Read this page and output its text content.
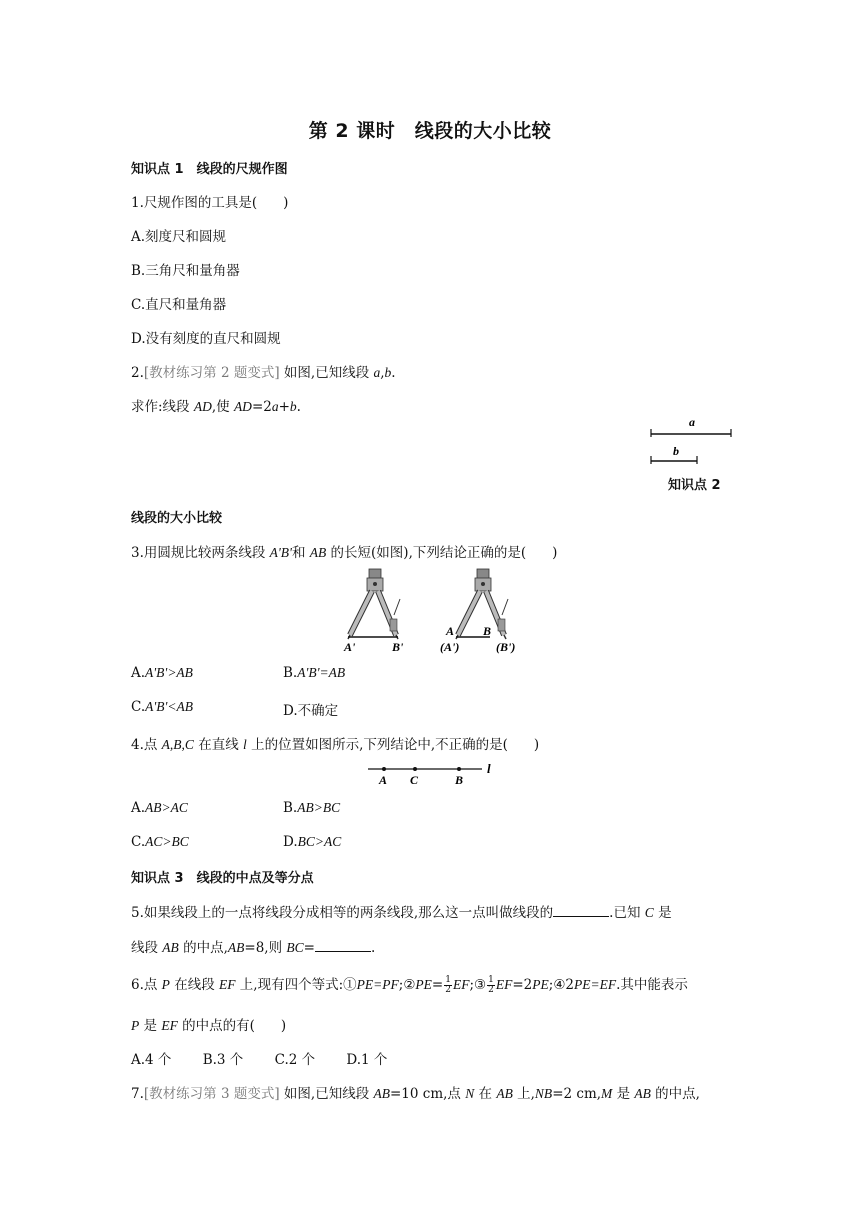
第 2 课时　线段的大小比较
知识点 1　线段的尺规作图
1.尺规作图的工具是( )
A.刻度尺和圆规
B.三角尺和量角器
C.直尺和量角器
D.没有刻度的直尺和圆规
2.[教材练习第 2 题变式] 如图,已知线段 a,b.
求作:线段 AD,使 AD=2a+b.
a
b
知识点 2
线段的大小比较
3.用圆规比较两条线段 A'B'和 AB 的长短(如图),下列结论正确的是( )
A'	B'
A B
(A')	(B')
A.A'B'>AB	B.A'B'=AB
C.A'B'<AB	D.不确定
4.点 A,B,C 在直线 l 上的位置如图所示,下列结论中,不正确的是( )
A C	B
l
A.AB>AC	B.AB>BC
C.AC>BC	D.BC>AC
知识点 3　线段的中点及等分点
5.如果线段上的一点将线段分成相等的两条线段,那么这一点叫做线段的	.已知 C 是
线段 AB 的中点,AB=8,则 BC=	.
6.点 P 在线段 EF 上,现有四个等式:①PE=PF;②PE= $\frac{1}{2}$ EF;③ $\frac{1}{2}$ EF=2PE;④2PE=EF.其中能表示
P 是 EF 的中点的有( )
A.4 个　　 B.3 个　　 C.2 个　　 D.1 个
7.[教材练习第 3 题变式] 如图,已知线段 AB=10 cm,点 N 在 AB 上,NB=2 cm,M 是 AB 的中点,
